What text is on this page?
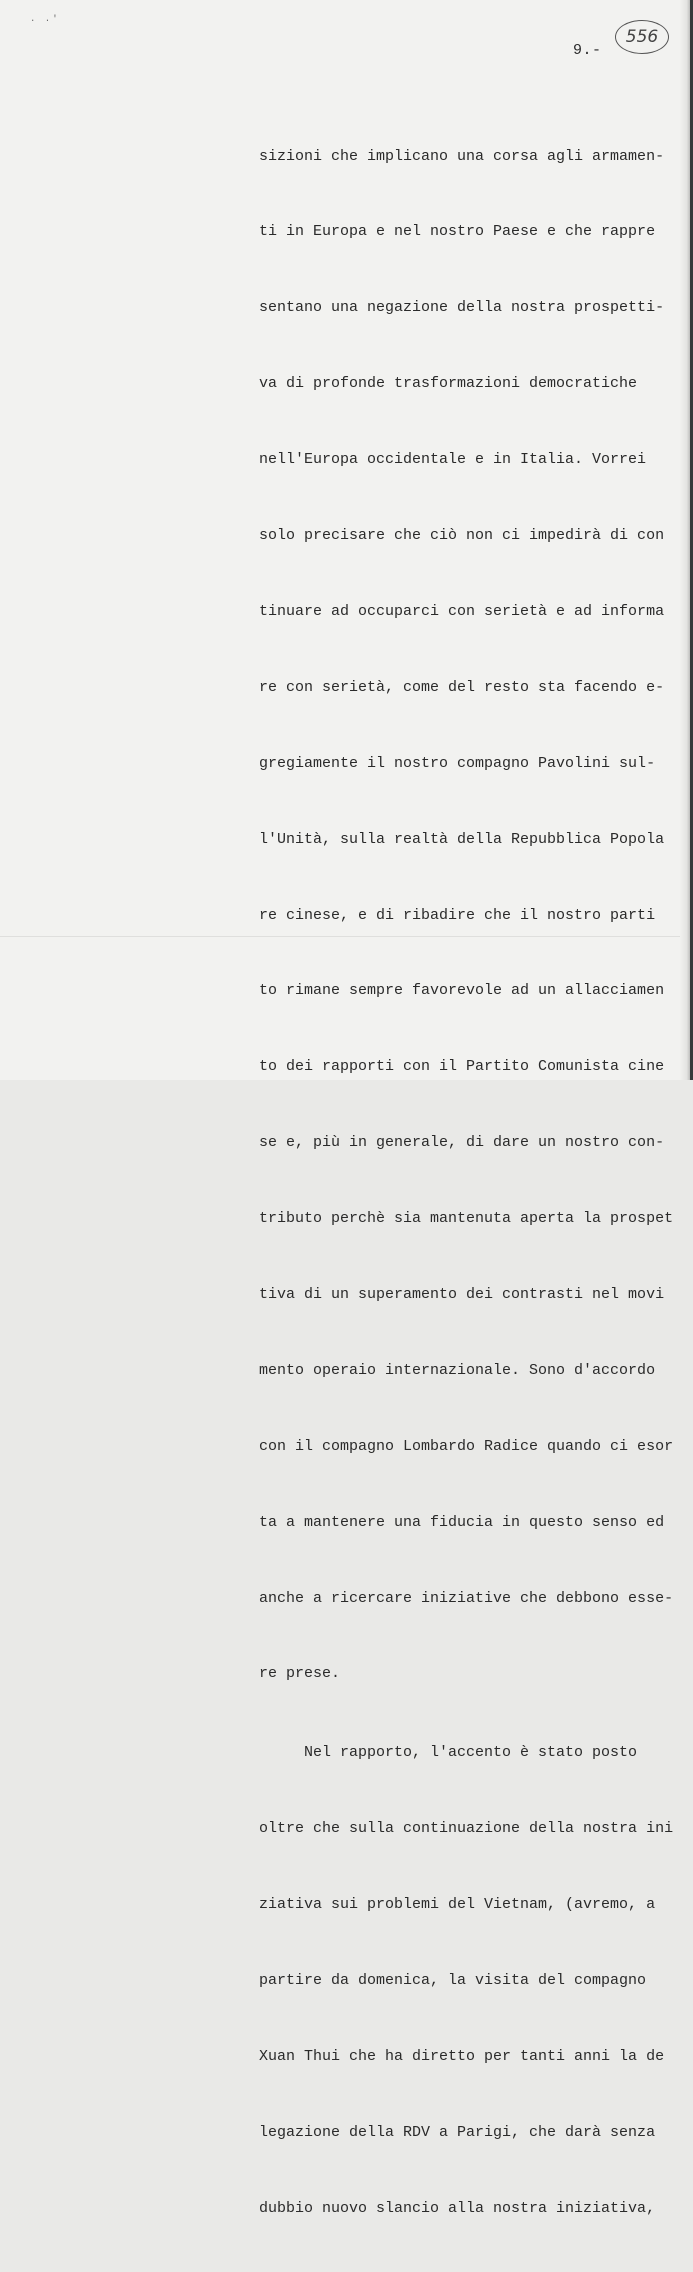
. .'
9.-
556

sizioni che implicano una corsa agli armamen-

ti in Europa e nel nostro Paese e che rappre

sentano una negazione della nostra prospetti-

va di profonde trasformazioni democratiche

nell'Europa occidentale e in Italia. Vorrei

solo precisare che ciò non ci impedirà di con

tinuare ad occuparci con serietà e ad informa

re con serietà, come del resto sta facendo e-

gregiamente il nostro compagno Pavolini sul-

l'Unità, sulla realtà della Repubblica Popola

re cinese, e di ribadire che il nostro parti

to rimane sempre favorevole ad un allacciamen

to dei rapporti con il Partito Comunista cine

se e, più in generale, di dare un nostro con-

tributo perchè sia mantenuta aperta la prospet

tiva di un superamento dei contrasti nel movi

mento operaio internazionale. Sono d'accordo

con il compagno Lombardo Radice quando ci esor

ta a mantenere una fiducia in questo senso ed

anche a ricercare iniziative che debbono esse-

re prese.

Nel rapporto, l'accento è stato posto

oltre che sulla continuazione della nostra ini

ziativa sui problemi del Vietnam, (avremo, a

partire da domenica, la visita del compagno

Xuan Thui che ha diretto per tanti anni la de

legazione della RDV a Parigi, che darà senza

dubbio nuovo slancio alla nostra iniziativa,
